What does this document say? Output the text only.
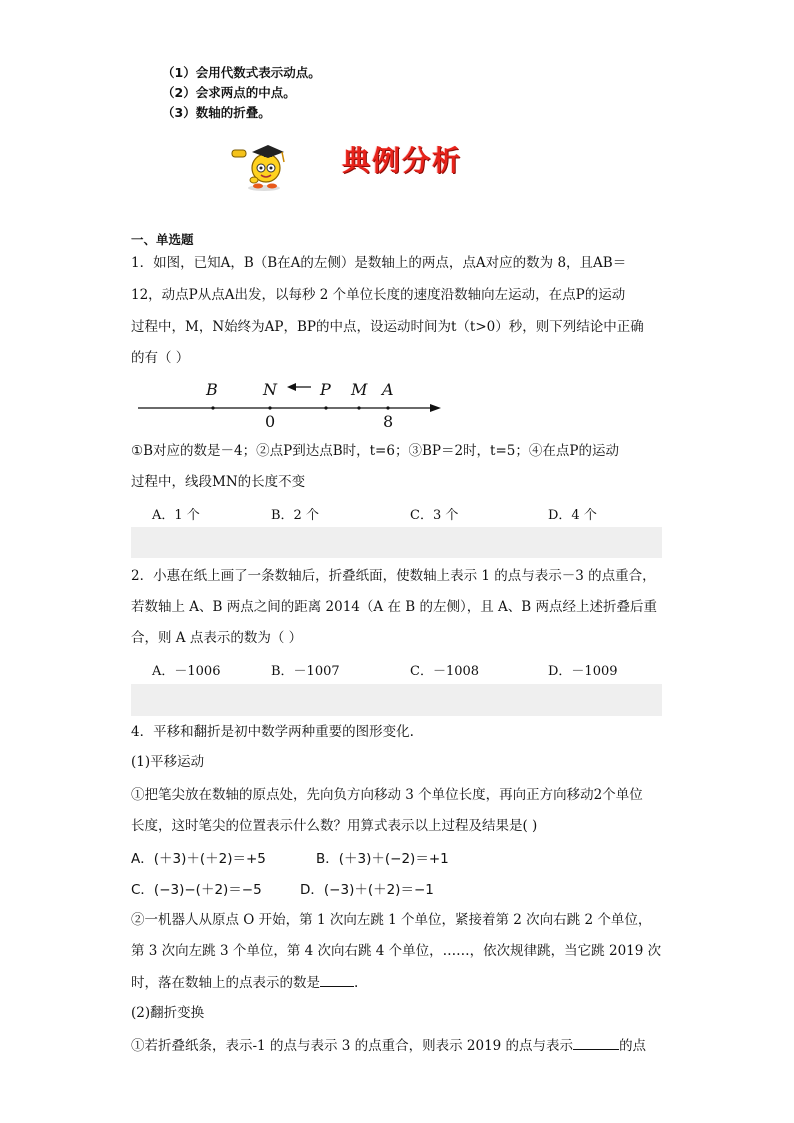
（1）会用代数式表示动点。
（2）会求两点的中点。
（3）数轴的折叠。
典例分析
一、单选题
1．如图，已知A，B（B在A的左侧）是数轴上的两点，点A对应的数为 8，且AB＝
12，动点P从点A出发，以每秒 2 个单位长度的速度沿数轴向左运动，在点P的运动
过程中，M，N始终为AP，BP的中点，设运动时间为t（t>0）秒，则下列结论中正确
的有（ ）
B	N	P M A
0	8
①B对应的数是－4；②点P到达点B时，t=6；③BP＝2时，t=5；④在点P的运动
过程中，线段MN的长度不变
A．1 个	B．2 个	C．3 个	D．4 个
2．小惠在纸上画了一条数轴后，折叠纸面，使数轴上表示 1 的点与表示－3 的点重合，
若数轴上 A、B 两点之间的距离 2014（A 在 B 的左侧），且 A、B 两点经上述折叠后重
合，则 A 点表示的数为（ ）
A．－1006	B．－1007	C．－1008	D．－1009
4．平移和翻折是初中数学两种重要的图形变化.
(1)平移运动
①把笔尖放在数轴的原点处，先向负方向移动 3 个单位长度，再向正方向移动2个单位
长度，这时笔尖的位置表示什么数？用算式表示以上过程及结果是( )
A．(＋3)＋(＋2)＝+5	B．(＋3)＋(−2)＝+1
C．(−3)−(＋2)＝−5	D．(−3)＋(＋2)＝−1
②一机器人从原点 O 开始，第 1 次向左跳 1 个单位，紧接着第 2 次向右跳 2 个单位，
第 3 次向左跳 3 个单位，第 4 次向右跳 4 个单位，……，依次规律跳，当它跳 2019 次
时，落在数轴上的点表示的数是	.
(2)翻折变换
①若折叠纸条，表示-1 的点与表示 3 的点重合，则表示 2019 的点与表示	的点
